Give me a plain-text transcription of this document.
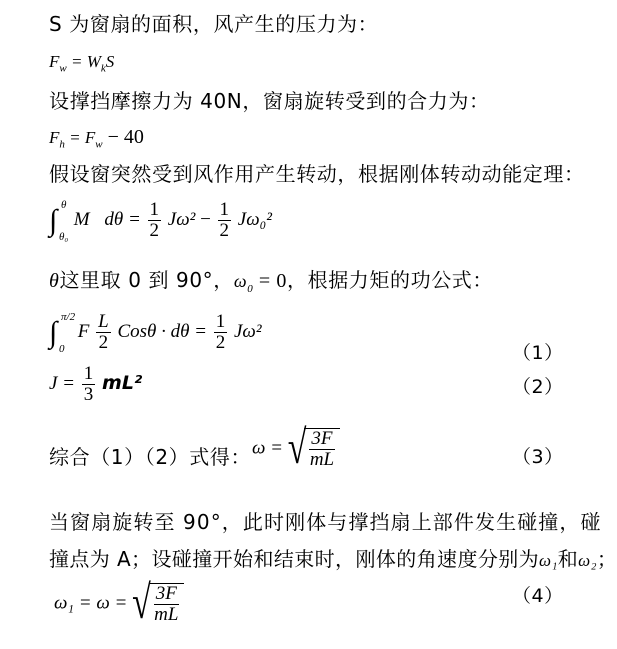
S 为窗扇的面积，风产生的压力为：
$F_w = W_kS$
设撑挡摩擦力为 40N，窗扇旋转受到的合力为：
$F_h = F_w - 40$
假设窗突然受到风作用产生转动，根据刚体转动动能定理：
∫ θ
θ₀
M⃗dθ = $\frac{1}{2} J\omega^2 - \frac{1}{2} J\omega_0^2$
θ这里取 0 到 90°，$\omega_0 = 0$，根据力矩的功公式：
∫ π/2
0
F $\frac{L}{2}$ $Cos\theta \cdot d\theta = \frac{1}{2} J\omega^2$
（1）
$J = \frac{1}{3} mL^2$	（2）
综合（1）（2）式得： ω = √ $\frac{3F}{mL}$	（3）
当窗扇旋转至 90°，此时刚体与撑挡扇上部件发生碰撞，碰
撞点为 A；设碰撞开始和结束时，刚体的角速度分别为ω₁和ω₂；
ω₁ = ω = √ $\frac{3F}{mL}$	（4）
